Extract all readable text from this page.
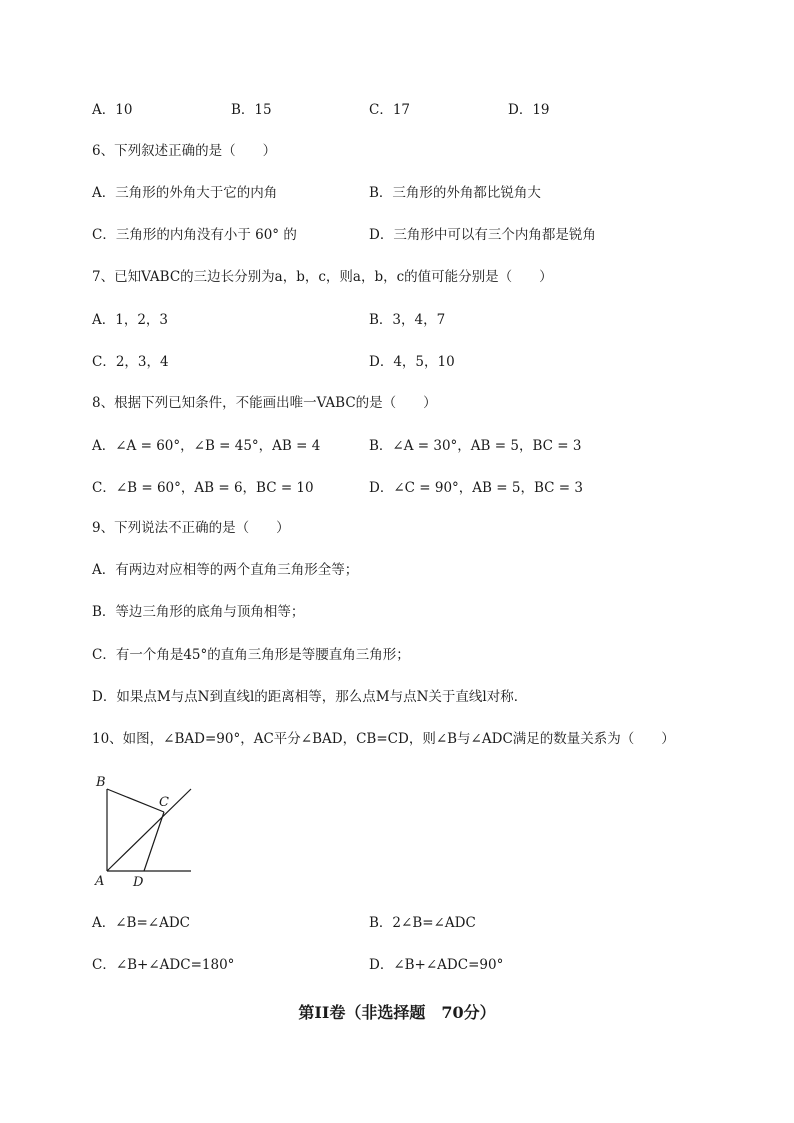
A．10	B．15	C．17	D．19
6、下列叙述正确的是（　　）
A．三角形的外角大于它的内角	B．三角形的外角都比锐角大
C．三角形的内角没有小于 60° 的	D．三角形中可以有三个内角都是锐角
7、已知VABC的三边长分别为a，b，c，则a，b，c的值可能分别是（　　）
A．1，2，3	B．3，4，7
C．2，3，4	D．4，5，10
8、根据下列已知条件，不能画出唯一VABC的是（　　）
A．∠A = 60°，∠B = 45°，AB = 4	B．∠A = 30°，AB = 5，BC = 3
C．∠B = 60°，AB = 6，BC = 10	D．∠C = 90°，AB = 5，BC = 3
9、下列说法不正确的是（　　）
A．有两边对应相等的两个直角三角形全等；
B．等边三角形的底角与顶角相等；
C．有一个角是45°的直角三角形是等腰直角三角形；
D．如果点M与点N到直线l的距离相等，那么点M与点N关于直线l对称．
10、如图，∠BAD=90°，AC平分∠BAD，CB=CD，则∠B与∠ADC满足的数量关系为（　　）
B
C
A D
A．∠B=∠ADC	B．2∠B=∠ADC
C．∠B+∠ADC=180°	D．∠B+∠ADC=90°
第II卷（非选择题　70分）
